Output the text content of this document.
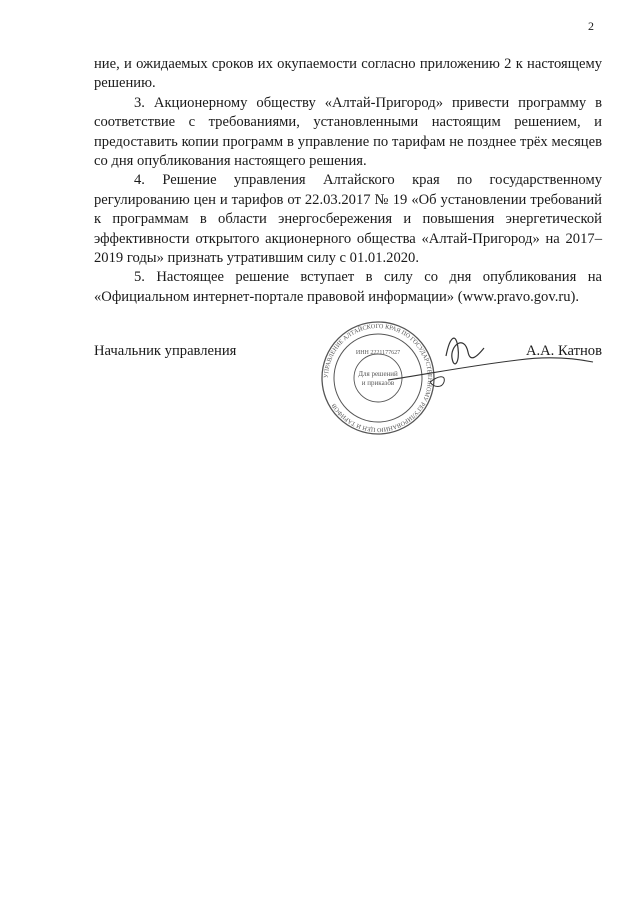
2

ние, и ожидаемых сроков их окупаемости согласно приложению 2 к настоящему решению.

3. Акционерному обществу «Алтай-Пригород» привести программу в соответствие с требованиями, установленными настоящим решением, и предоставить копии программ в управление по тарифам не позднее трёх месяцев со дня опубликования настоящего решения.

4. Решение управления Алтайского края по государственному регулированию цен и тарифов от 22.03.2017 № 19 «Об установлении требований к программам в области энергосбережения и повышения энергетической эффективности открытого акционерного общества «Алтай-Пригород» на 2017–2019 годы» признать утратившим силу с 01.01.2020.

5. Настоящее решение вступает в силу со дня опубликования на «Официальном интернет-портале правовой информации» (www.pravo.gov.ru).

УПРАВЛЕНИЕ АЛТАЙСКОГО КРАЯ ПО ГОСУДАРСТВЕННОМУ РЕГУЛИРОВАНИЮ ЦЕН И ТАРИФОВ
ИНН 2221177627
Для решений
и приказов
Начальник управления	А.А. Катнов
